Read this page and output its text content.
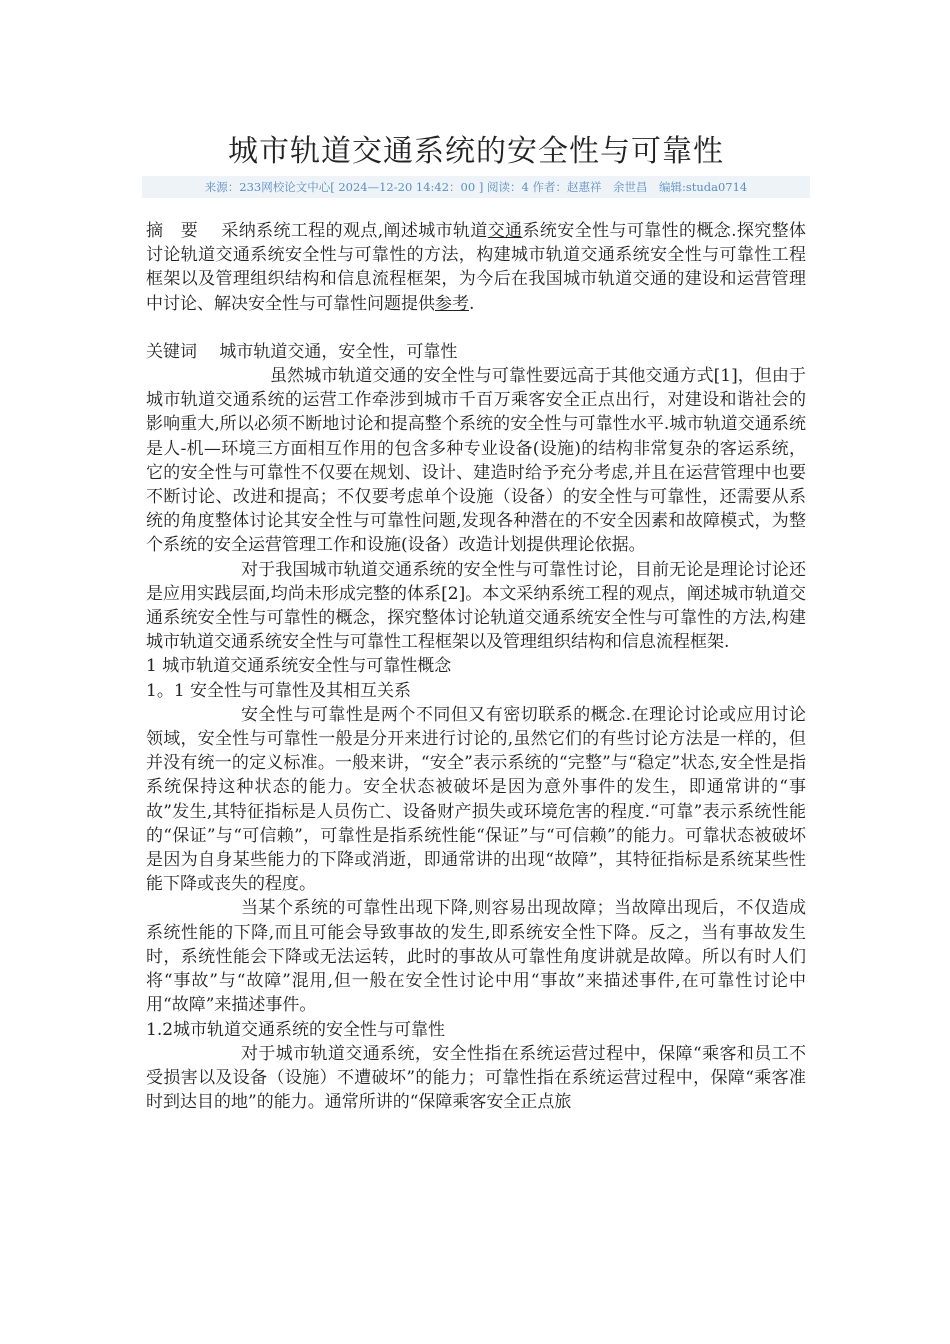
城市轨道交通系统的安全性与可靠性
来源：233网校论文中心[ 2024—12-20 14:42：00 ] 阅读：4 作者：赵惠祥　余世昌　编辑:studa0714

摘　要　 采纳系统工程的观点,阐述城市轨道交通系统安全性与可靠性的概念.探究整体讨论轨道交通系统安全性与可靠性的方法，构建城市轨道交通系统安全性与可靠性工程框架以及管理组织结构和信息流程框架，为今后在我国城市轨道交通的建设和运营管理中讨论、解决安全性与可靠性问题提供参考.

关键词　 城市轨道交通，安全性，可靠性

虽然城市轨道交通的安全性与可靠性要远高于其他交通方式[1]，但由于城市轨道交通系统的运营工作牵涉到城市千百万乘客安全正点出行，对建设和谐社会的影响重大,所以必须不断地讨论和提高整个系统的安全性与可靠性水平.城市轨道交通系统是人-机—环境三方面相互作用的包含多种专业设备(设施)的结构非常复杂的客运系统，它的安全性与可靠性不仅要在规划、设计、建造时给予充分考虑,并且在运营管理中也要不断讨论、改进和提高；不仅要考虑单个设施（设备）的安全性与可靠性，还需要从系统的角度整体讨论其安全性与可靠性问题,发现各种潜在的不安全因素和故障模式，为整个系统的安全运营管理工作和设施(设备）改造计划提供理论依据。

对于我国城市轨道交通系统的安全性与可靠性讨论，目前无论是理论讨论还是应用实践层面,均尚未形成完整的体系[2]。本文采纳系统工程的观点，阐述城市轨道交通系统安全性与可靠性的概念，探究整体讨论轨道交通系统安全性与可靠性的方法,构建城市轨道交通系统安全性与可靠性工程框架以及管理组织结构和信息流程框架.

1 城市轨道交通系统安全性与可靠性概念

1。1 安全性与可靠性及其相互关系

安全性与可靠性是两个不同但又有密切联系的概念.在理论讨论或应用讨论领域，安全性与可靠性一般是分开来进行讨论的,虽然它们的有些讨论方法是一样的，但并没有统一的定义标准。一般来讲，“安全”表示系统的“完整”与“稳定”状态,安全性是指系统保持这种状态的能力。安全状态被破坏是因为意外事件的发生，即通常讲的“事故”发生,其特征指标是人员伤亡、设备财产损失或环境危害的程度.“可靠”表示系统性能的“保证”与“可信赖”，可靠性是指系统性能“保证”与“可信赖”的能力。可靠状态被破坏是因为自身某些能力的下降或消逝，即通常讲的出现“故障”，其特征指标是系统某些性能下降或丧失的程度。

当某个系统的可靠性出现下降,则容易出现故障；当故障出现后，不仅造成系统性能的下降,而且可能会导致事故的发生,即系统安全性下降。反之，当有事故发生时，系统性能会下降或无法运转，此时的事故从可靠性角度讲就是故障。所以有时人们将“事故”与“故障”混用,但一般在安全性讨论中用“事故”来描述事件,在可靠性讨论中用“故障”来描述事件。

1.2城市轨道交通系统的安全性与可靠性

对于城市轨道交通系统，安全性指在系统运营过程中，保障“乘客和员工不受损害以及设备（设施）不遭破坏”的能力；可靠性指在系统运营过程中，保障“乘客准时到达目的地”的能力。通常所讲的“保障乘客安全正点旅
